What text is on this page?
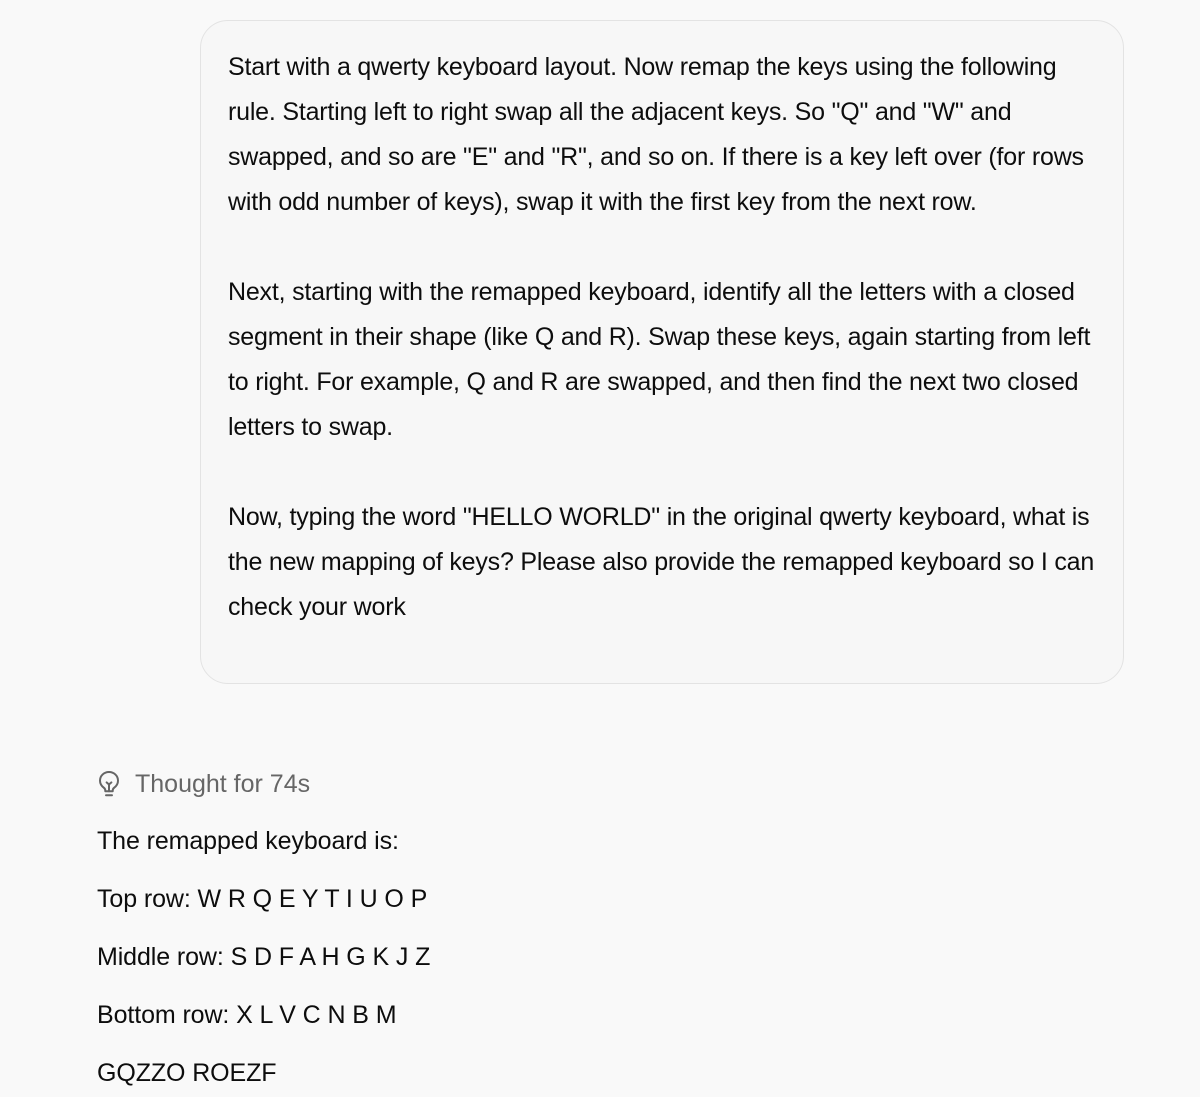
Start with a qwerty keyboard layout. Now remap the keys using the following rule. Starting left to right swap all the adjacent keys. So "Q" and "W" and swapped, and so are "E" and "R", and so on. If there is a key left over (for rows with odd number of keys), swap it with the first key from the next row.

Next, starting with the remapped keyboard, identify all the letters with a closed segment in their shape (like Q and R). Swap these keys, again starting from left to right. For example, Q and R are swapped, and then find the next two closed letters to swap.

Now, typing the word "HELLO WORLD" in the original qwerty keyboard, what is the new mapping of keys? Please also provide the remapped keyboard so I can check your work

Thought for 74s
The remapped keyboard is:
Top row: W R Q E Y T I U O P
Middle row: S D F A H G K J Z
Bottom row: X L V C N B M
GQZZO ROEZF
